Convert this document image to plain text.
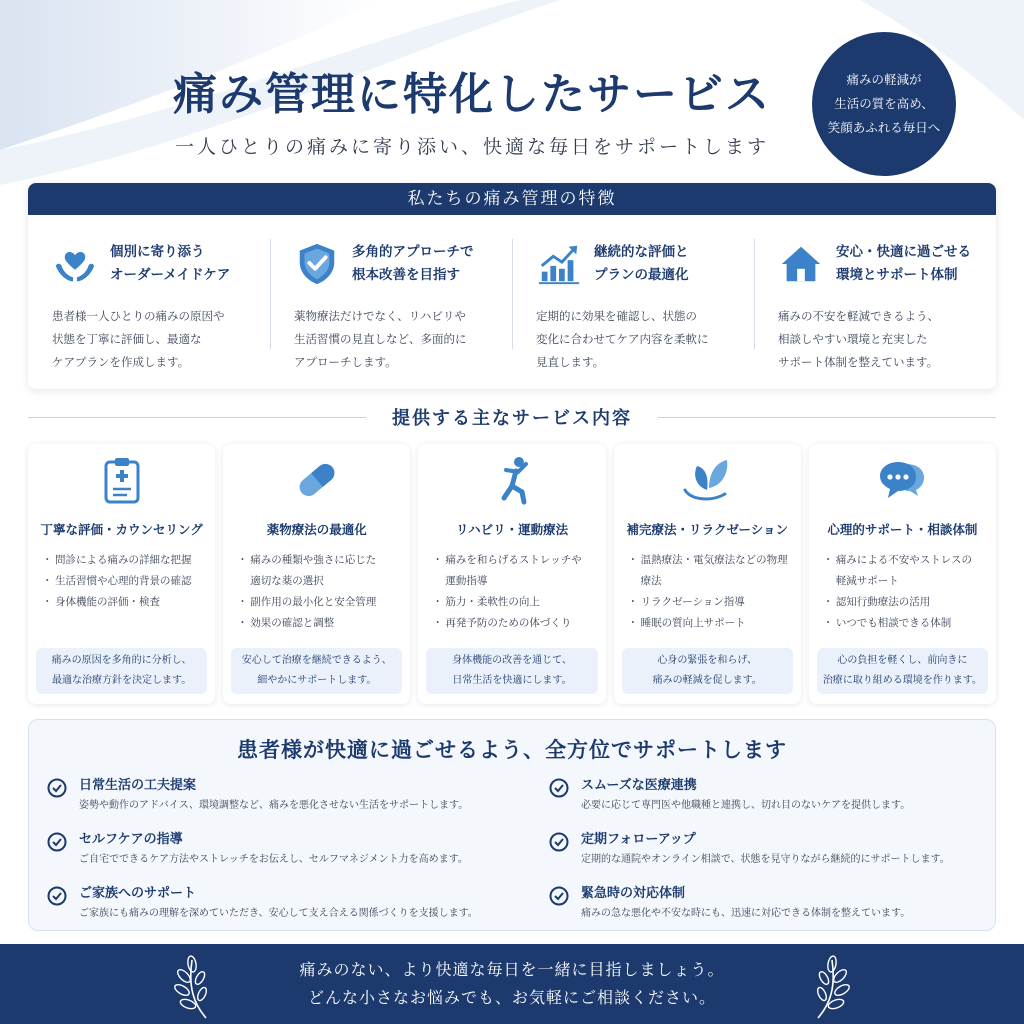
痛み管理に特化したサービス
一人ひとりの痛みに寄り添い、快適な毎日をサポートします
痛みの軽減が
生活の質を高め、
笑顔あふれる毎日へ
私たちの痛み管理の特徴
個別に寄り添う
オーダーメイドケア
患者様一人ひとりの痛みの原因や
状態を丁寧に評価し、最適な
ケアプランを作成します。
多角的アプローチで
根本改善を目指す
薬物療法だけでなく、リハビリや
生活習慣の見直しなど、多面的に
アプローチします。
継続的な評価と
プランの最適化
定期的に効果を確認し、状態の
変化に合わせてケア内容を柔軟に
見直します。
安心・快適に過ごせる
環境とサポート体制
痛みの不安を軽減できるよう、
相談しやすい環境と充実した
サポート体制を整えています。
提供する主なサービス内容
丁寧な評価・カウンセリング
・ 問診による痛みの詳細な把握
・ 生活習慣や心理的背景の確認
・ 身体機能の評価・検査
痛みの原因を多角的に分析し、
最適な治療方針を決定します。
薬物療法の最適化
・ 痛みの種類や強さに応じた
適切な薬の選択
・ 副作用の最小化と安全管理
・ 効果の確認と調整
安心して治療を継続できるよう、
細やかにサポートします。
リハビリ・運動療法
・ 痛みを和らげるストレッチや
運動指導
・ 筋力・柔軟性の向上
・ 再発予防のための体づくり
身体機能の改善を通じて、
日常生活を快適にします。
補完療法・リラクゼーション
・ 温熱療法・電気療法などの物理療法
・ リラクゼーション指導
・ 睡眠の質向上サポート
心身の緊張を和らげ、
痛みの軽減を促します。
心理的サポート・相談体制
・ 痛みによる不安やストレスの
軽減サポート
・ 認知行動療法の活用
・ いつでも相談できる体制
心の負担を軽くし、前向きに
治療に取り組める環境を作ります。
患者様が快適に過ごせるよう、全方位でサポートします
日常生活の工夫提案
姿勢や動作のアドバイス、環境調整など、痛みを悪化させない生活をサポートします。
スムーズな医療連携
必要に応じて専門医や他職種と連携し、切れ目のないケアを提供します。
セルフケアの指導
ご自宅でできるケア方法やストレッチをお伝えし、セルフマネジメント力を高めます。
定期フォローアップ
定期的な通院やオンライン相談で、状態を見守りながら継続的にサポートします。
ご家族へのサポート
ご家族にも痛みの理解を深めていただき、安心して支え合える関係づくりを支援します。
緊急時の対応体制
痛みの急な悪化や不安な時にも、迅速に対応できる体制を整えています。
痛みのない、より快適な毎日を一緒に目指しましょう。
どんな小さなお悩みでも、お気軽にご相談ください。
